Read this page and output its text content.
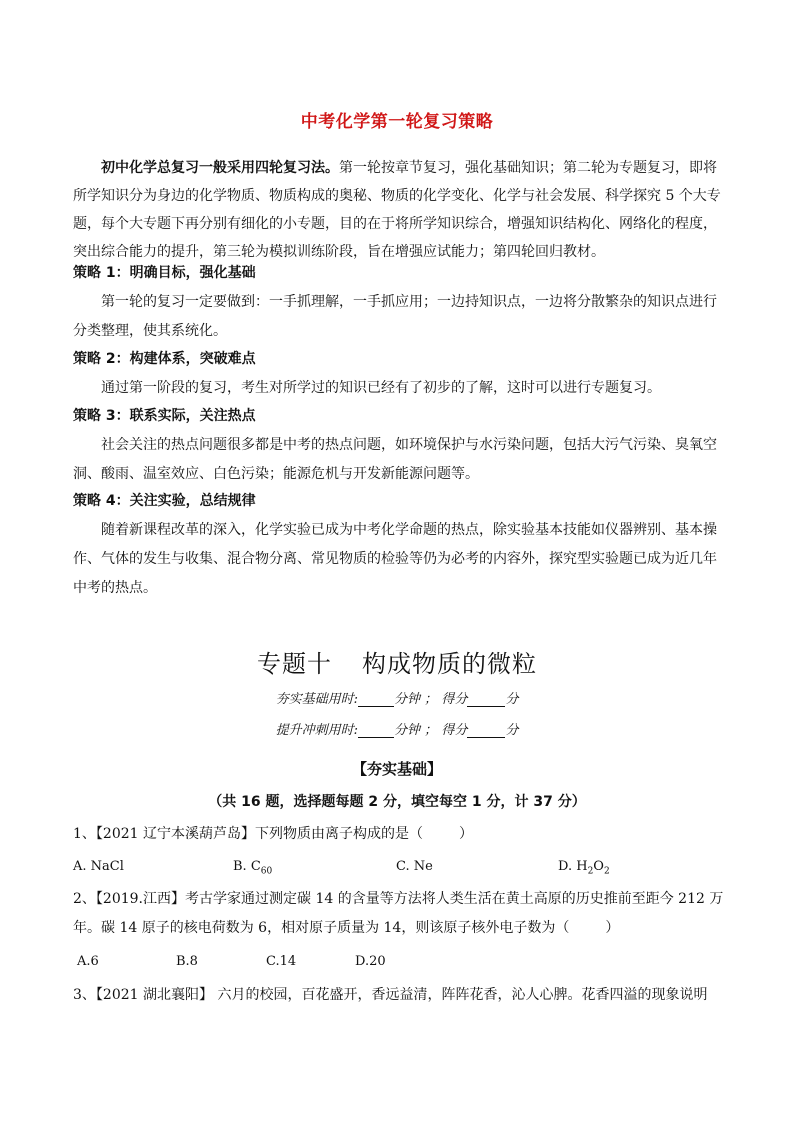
中考化学第一轮复习策略
初中化学总复习一般采用四轮复习法。第一轮按章节复习，强化基础知识；第二轮为专题复习，即将所学知识分为身边的化学物质、物质构成的奥秘、物质的化学变化、化学与社会发展、科学探究 5 个大专题，每个大专题下再分别有细化的小专题，目的在于将所学知识综合，增强知识结构化、网络化的程度，突出综合能力的提升，第三轮为模拟训练阶段，旨在增强应试能力；第四轮回归教材。
策略 1：明确目标，强化基础
第一轮的复习一定要做到：一手抓理解，一手抓应用；一边持知识点，一边将分散繁杂的知识点进行分类整理，使其系统化。
策略 2：构建体系，突破难点
通过第一阶段的复习，考生对所学过的知识已经有了初步的了解，这时可以进行专题复习。
策略 3：联系实际，关注热点
社会关注的热点问题很多都是中考的热点问题，如环境保护与水污染问题，包括大污气污染、臭氧空洞、酸雨、温室效应、白色污染；能源危机与开发新能源问题等。
策略 4：关注实验，总结规律
随着新课程改革的深入，化学实验已成为中考化学命题的热点，除实验基本技能如仪器辨别、基本操作、气体的发生与收集、混合物分离、常见物质的检验等仍为必考的内容外，探究型实验题已成为近几年中考的热点。
专题十 构成物质的微粒
夯实基础用时:	分钟 ； 得分	分
提升冲刺用时:	分钟 ； 得分	分
【夯实基础】
（共 16 题，选择题每题 2 分，填空每空 1 分，计 37 分）
1、【2021 辽宁本溪葫芦岛】下列物质由离子构成的是（	）
A. NaCl	B. $C_{60}$	C. Ne	D. $H_2O_2$
2、【2019.江西】考古学家通过测定碳 14 的含量等方法将人类生活在黄土高原的历史推前至距今 212 万年。碳 14 原子的核电荷数为 6，相对原子质量为 14，则该原子核外电子数为（	）
A.6	B.8	C.14	D.20
3、【2021 湖北襄阳】 六月的校园，百花盛开，香远益清，阵阵花香，沁人心脾。花香四溢的现象说明
